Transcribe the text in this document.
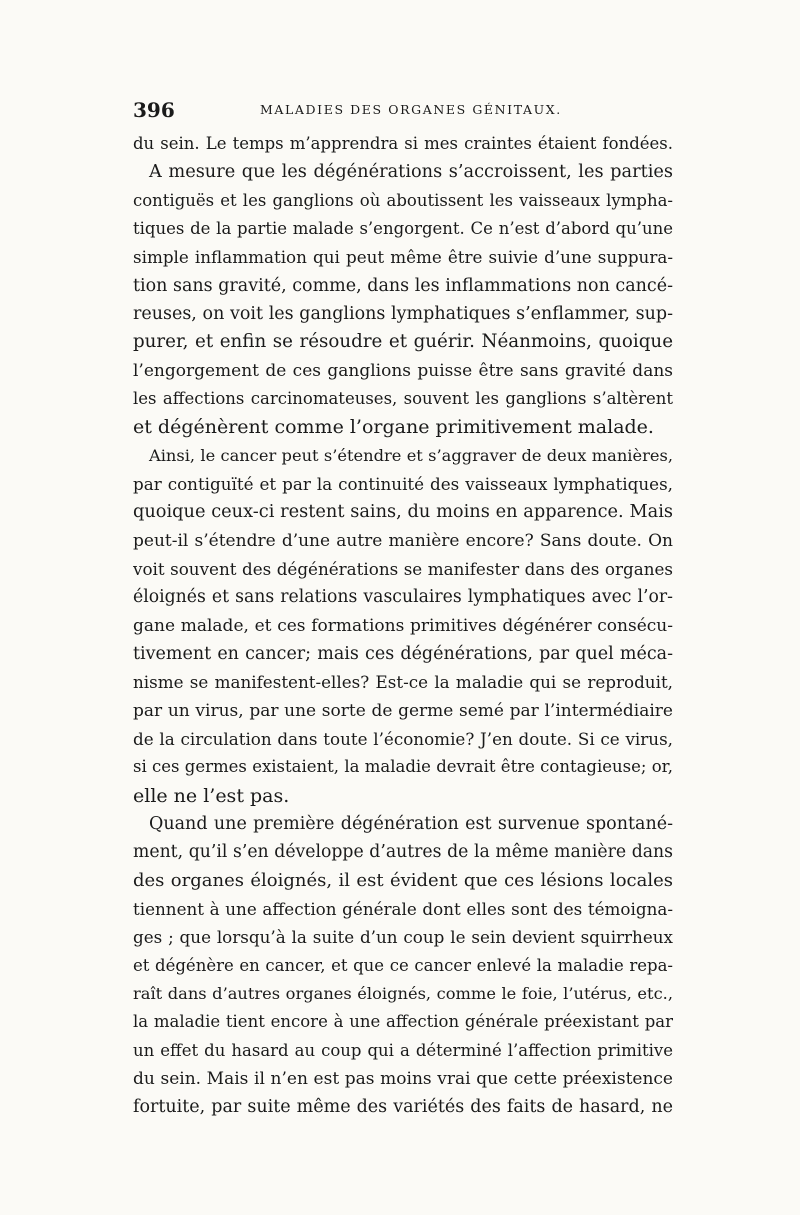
396	MALADIES DES ORGANES GÉNITAUX.
du sein. Le temps m’apprendra si mes craintes étaient fondées.
A mesure que les dégénérations s’accroissent, les parties
contiguës et les ganglions où aboutissent les vaisseaux lympha-
tiques de la partie malade s’engorgent. Ce n’est d’abord qu’une
simple inflammation qui peut même être suivie d’une suppura-
tion sans gravité, comme, dans les inflammations non cancé-
reuses, on voit les ganglions lymphatiques s’enflammer, sup-
purer, et enfin se résoudre et guérir. Néanmoins, quoique
l’engorgement de ces ganglions puisse être sans gravité dans
les affections carcinomateuses, souvent les ganglions s’altèrent
et dégénèrent comme l’organe primitivement malade.
Ainsi, le cancer peut s’étendre et s’aggraver de deux manières,
par contiguïté et par la continuité des vaisseaux lymphatiques,
quoique ceux-ci restent sains, du moins en apparence. Mais
peut-il s’étendre d’une autre manière encore? Sans doute. On
voit souvent des dégénérations se manifester dans des organes
éloignés et sans relations vasculaires lymphatiques avec l’or-
gane malade, et ces formations primitives dégénérer consécu-
tivement en cancer; mais ces dégénérations, par quel méca-
nisme se manifestent-elles? Est-ce la maladie qui se reproduit,
par un virus, par une sorte de germe semé par l’intermédiaire
de la circulation dans toute l’économie? J’en doute. Si ce virus,
si ces germes existaient, la maladie devrait être contagieuse; or,
elle ne l’est pas.
Quand une première dégénération est survenue spontané-
ment, qu’il s’en développe d’autres de la même manière dans
des organes éloignés, il est évident que ces lésions locales
tiennent à une affection générale dont elles sont des témoigna-
ges ; que lorsqu’à la suite d’un coup le sein devient squirrheux
et dégénère en cancer, et que ce cancer enlevé la maladie repa-
raît dans d’autres organes éloignés, comme le foie, l’utérus, etc.,
la maladie tient encore à une affection générale préexistant par
un effet du hasard au coup qui a déterminé l’affection primitive
du sein. Mais il n’en est pas moins vrai que cette préexistence
fortuite, par suite même des variétés des faits de hasard, ne
